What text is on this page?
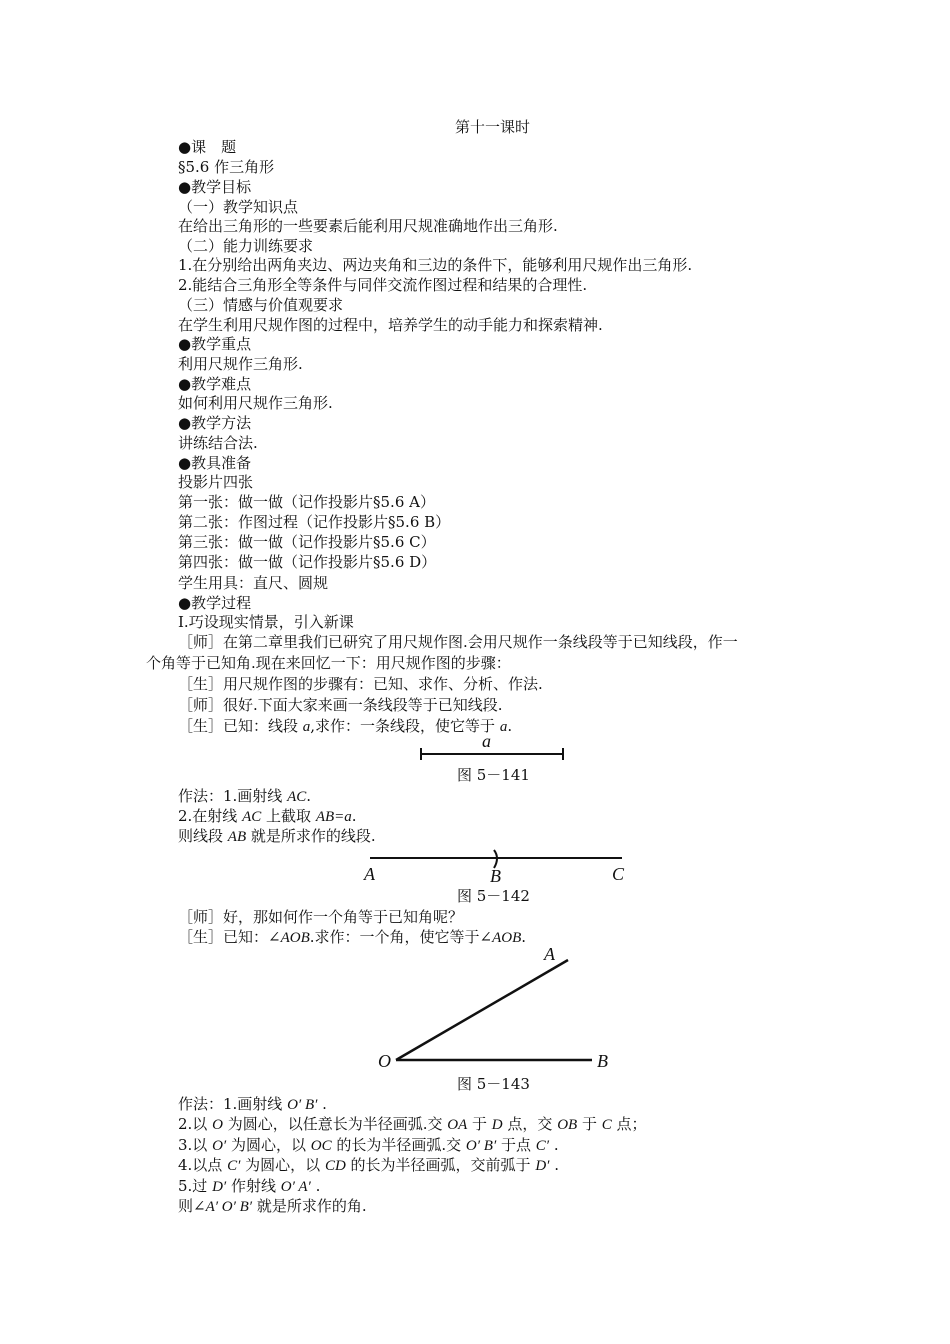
第十一课时
●课　题
§5.6 作三角形
●教学目标
（一）教学知识点
在给出三角形的一些要素后能利用尺规准确地作出三角形.
（二）能力训练要求
1.在分别给出两角夹边、两边夹角和三边的条件下，能够利用尺规作出三角形.
2.能结合三角形全等条件与同伴交流作图过程和结果的合理性.
（三）情感与价值观要求
在学生利用尺规作图的过程中，培养学生的动手能力和探索精神.
●教学重点
利用尺规作三角形.
●教学难点
如何利用尺规作三角形.
●教学方法
讲练结合法.
●教具准备
投影片四张
第一张：做一做（记作投影片§5.6 A）
第二张：作图过程（记作投影片§5.6 B）
第三张：做一做（记作投影片§5.6 C）
第四张：做一做（记作投影片§5.6 D）
学生用具：直尺、圆规
●教学过程
Ⅰ.巧设现实情景，引入新课
［师］在第二章里我们已研究了用尺规作图.会用尺规作一条线段等于已知线段，作一
个角等于已知角.现在来回忆一下：用尺规作图的步骤：
［生］用尺规作图的步骤有：已知、求作、分析、作法.
［师］很好.下面大家来画一条线段等于已知线段.
［生］已知：线段 a,求作：一条线段，使它等于 a.
a
图 5－141
作法：1.画射线 AC.
2.在射线 AC 上截取 AB=a.
则线段 AB 就是所求作的线段.
A	B	C
图 5－142
［师］好，那如何作一个角等于已知角呢？
［生］已知：∠AOB.求作：一个角，使它等于∠AOB.
A
O	B
图 5－143
作法：1.画射线 O′ B′ .
2.以 O 为圆心，以任意长为半径画弧.交 OA 于 D 点，交 OB 于 C 点；
3.以 O′ 为圆心，以 OC 的长为半径画弧.交 O′ B′ 于点 C′ .
4.以点 C′ 为圆心，以 CD 的长为半径画弧，交前弧于 D′ .
5.过 D′ 作射线 O′ A′ .
则∠A′ O′ B′ 就是所求作的角.
